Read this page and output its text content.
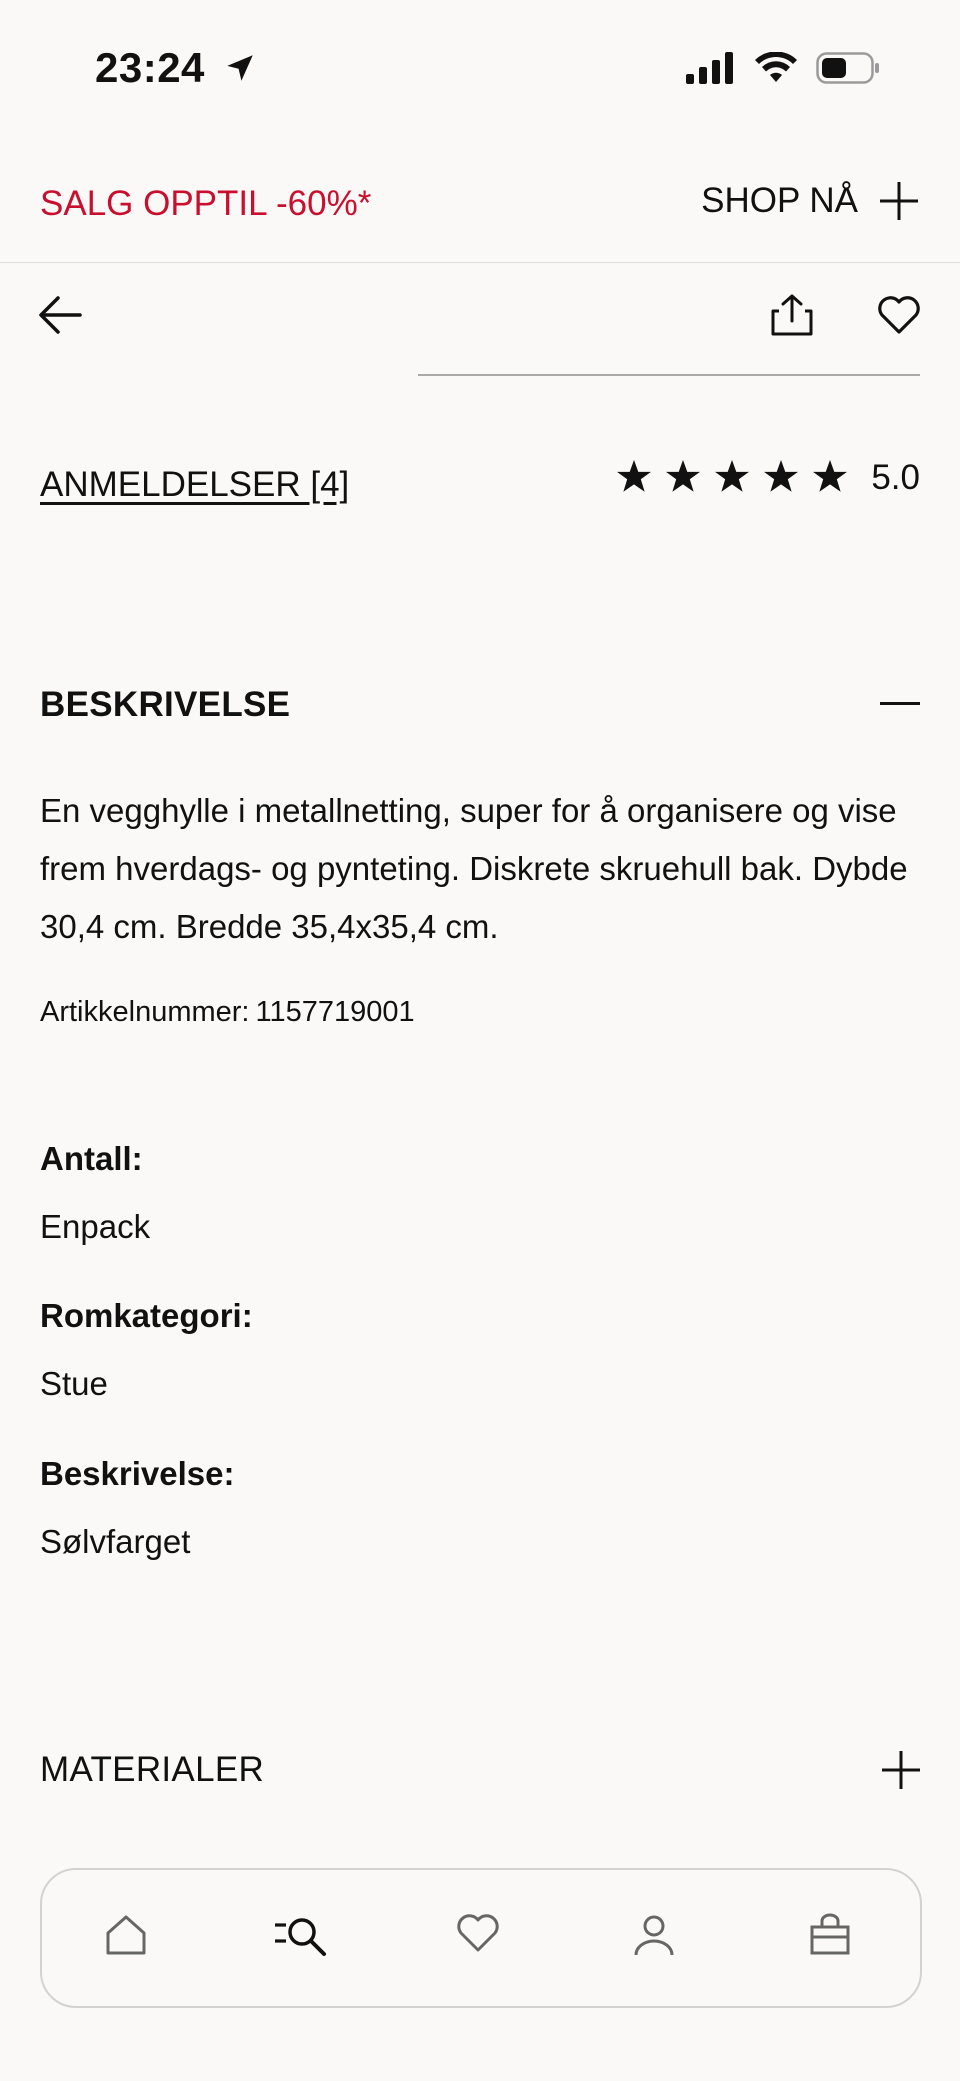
23:24
SALG OPPTIL -60%*	SHOP NÅ
ANMELDELSER [4]	5.0
BESKRIVELSE
En vegghylle i metallnetting, super for å organisere og vise frem hverdags- og pynteting. Diskrete skruehull bak. Dybde 30,4 cm. Bredde 35,4x35,4 cm.
Artikkelnummer: 1157719001
Antall:
Enpack
Romkategori:
Stue
Beskrivelse:
Sølvfarget
MATERIALER
